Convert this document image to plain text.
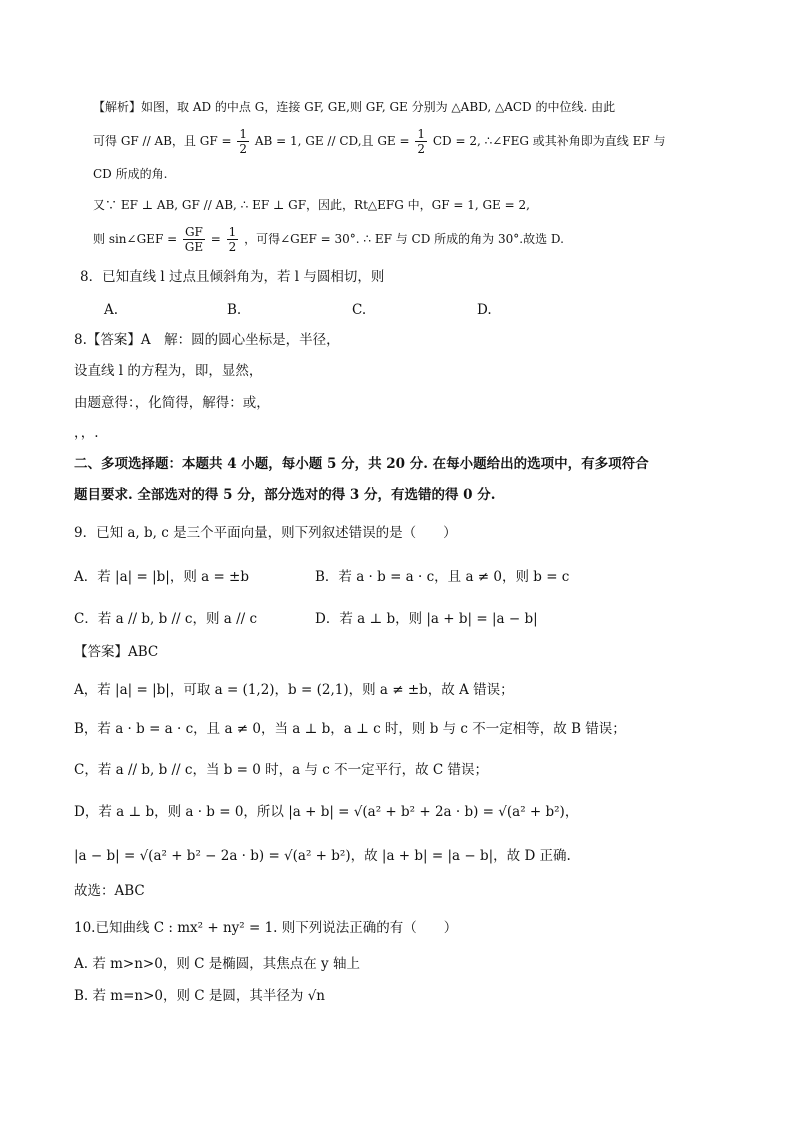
【解析】如图，取 AD 的中点 G，连接 GF, GE,则 GF, GE 分别为 △ABD, △ACD 的中位线. 由此
可得 GF // AB，且 GF = $\frac{1}{2}$ AB = 1, GE // CD,且 GE = $\frac{1}{2}$ CD = 2, ∴∠FEG 或其补角即为直线 EF 与
CD 所成的角.
又∵ EF ⊥ AB, GF // AB, ∴ EF ⊥ GF，因此，Rt△EFG 中，GF = 1, GE = 2,
则 sin∠GEF = $\frac{GF}{GE} = \frac{1}{2}$ ，可得∠GEF = 30°. ∴ EF 与 CD 所成的角为 30°.故选 D.
8．已知直线 l 过点且倾斜角为，若 l 与圆相切，则
A.	B.	C.	D.
8.【答案】A　解：圆的圆心坐标是，半径，
设直线 l 的方程为，即，显然，
由题意得：，化简得，解得：或，
，，.
二、多项选择题：本题共 4 小题，每小题 5 分，共 20 分. 在每小题给出的选项中，有多项符合
题目要求. 全部选对的得 5 分，部分选对的得 3 分，有选错的得 0 分.
9．已知 a, b, c 是三个平面向量，则下列叙述错误的是（　　）
A．若 |a| = |b|，则 a = ±b	B．若 a · b = a · c，且 a ≠ 0，则 b = c
C．若 a // b, b // c，则 a // c	D．若 a ⊥ b，则 |a + b| = |a − b|
【答案】ABC
A，若 |a| = |b|，可取 a = (1,2)，b = (2,1)，则 a ≠ ±b，故 A 错误；
B，若 a · b = a · c，且 a ≠ 0，当 a ⊥ b，a ⊥ c 时，则 b 与 c 不一定相等，故 B 错误；
C，若 a // b, b // c，当 b = 0 时，a 与 c 不一定平行，故 C 错误；
D，若 a ⊥ b，则 a · b = 0，所以 |a + b| = √(a² + b² + 2a · b) = √(a² + b²)，
|a − b| = √(a² + b² − 2a · b) = √(a² + b²)，故 |a + b| = |a − b|，故 D 正确.
故选：ABC
10.已知曲线 C : mx² + ny² = 1. 则下列说法正确的有（　　）
A. 若 m>n>0，则 C 是椭圆，其焦点在 y 轴上
B. 若 m=n>0，则 C 是圆，其半径为 √n
